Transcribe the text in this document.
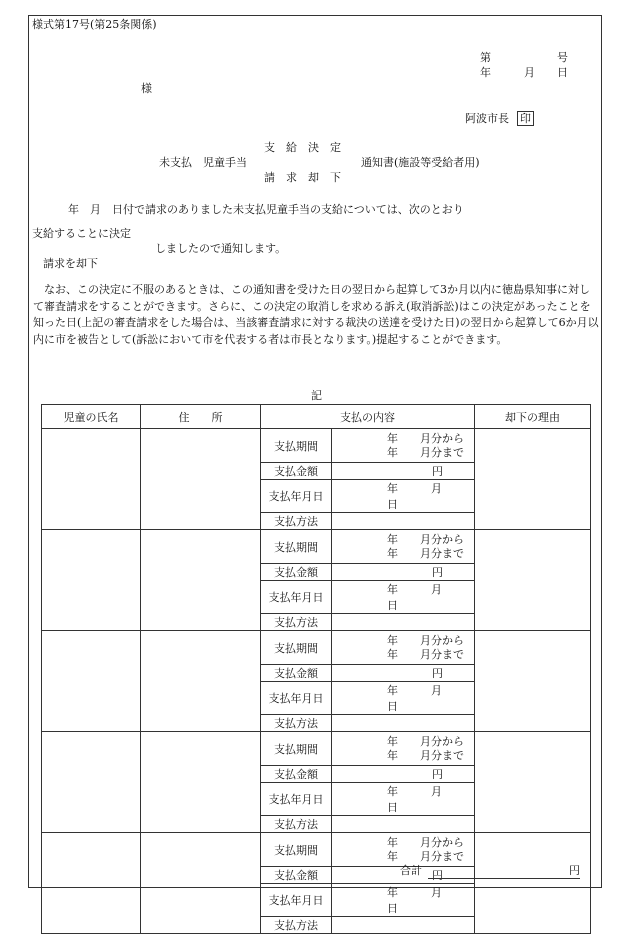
様式第17号(第25条関係)
第　　　　　　号
年　　　月　　日
様
阿波市長 印
支　給　決　定
未支払　児童手当	通知書(施設等受給者用)
請　求　却　下
年　月　日付で請求のありました未支払児童手当の支給については、次のとおり
支給することに決定
しましたので通知します。
請求を却下
なお、この決定に不服のあるときは、この通知書を受けた日の翌日から起算して3か月以内に徳島県知事に対して審査請求をすることができます。さらに、この決定の取消しを求める訴え(取消訴訟)はこの決定があったことを知った日(上記の審査請求をした場合は、当該審査請求に対する裁決の送達を受けた日)の翌日から起算して6か月以内に市を被告として(訴訟において市を代表する者は市長となります。)提起することができます。
記
児童の氏名	住　　所	支払の内容		却下の理由
		支払期間	年　　月分から
年　　月分まで	

		支払金額	円	
		支払年月日	年　　　月　　　日	
		支払方法		
		支払期間	年　　月分から
年　　月分まで	

		支払金額	円	
		支払年月日	年　　　月　　　日	
		支払方法		
		支払期間	年　　月分から
年　　月分まで	

		支払金額	円	
		支払年月日	年　　　月　　　日	
		支払方法		
		支払期間	年　　月分から
年　　月分まで	

		支払金額	円	
		支払年月日	年　　　月　　　日	
		支払方法		
		支払期間	年　　月分から
年　　月分まで	

		支払金額	円	
		支払年月日	年　　　月　　　日	
		支払方法		
合計	円
